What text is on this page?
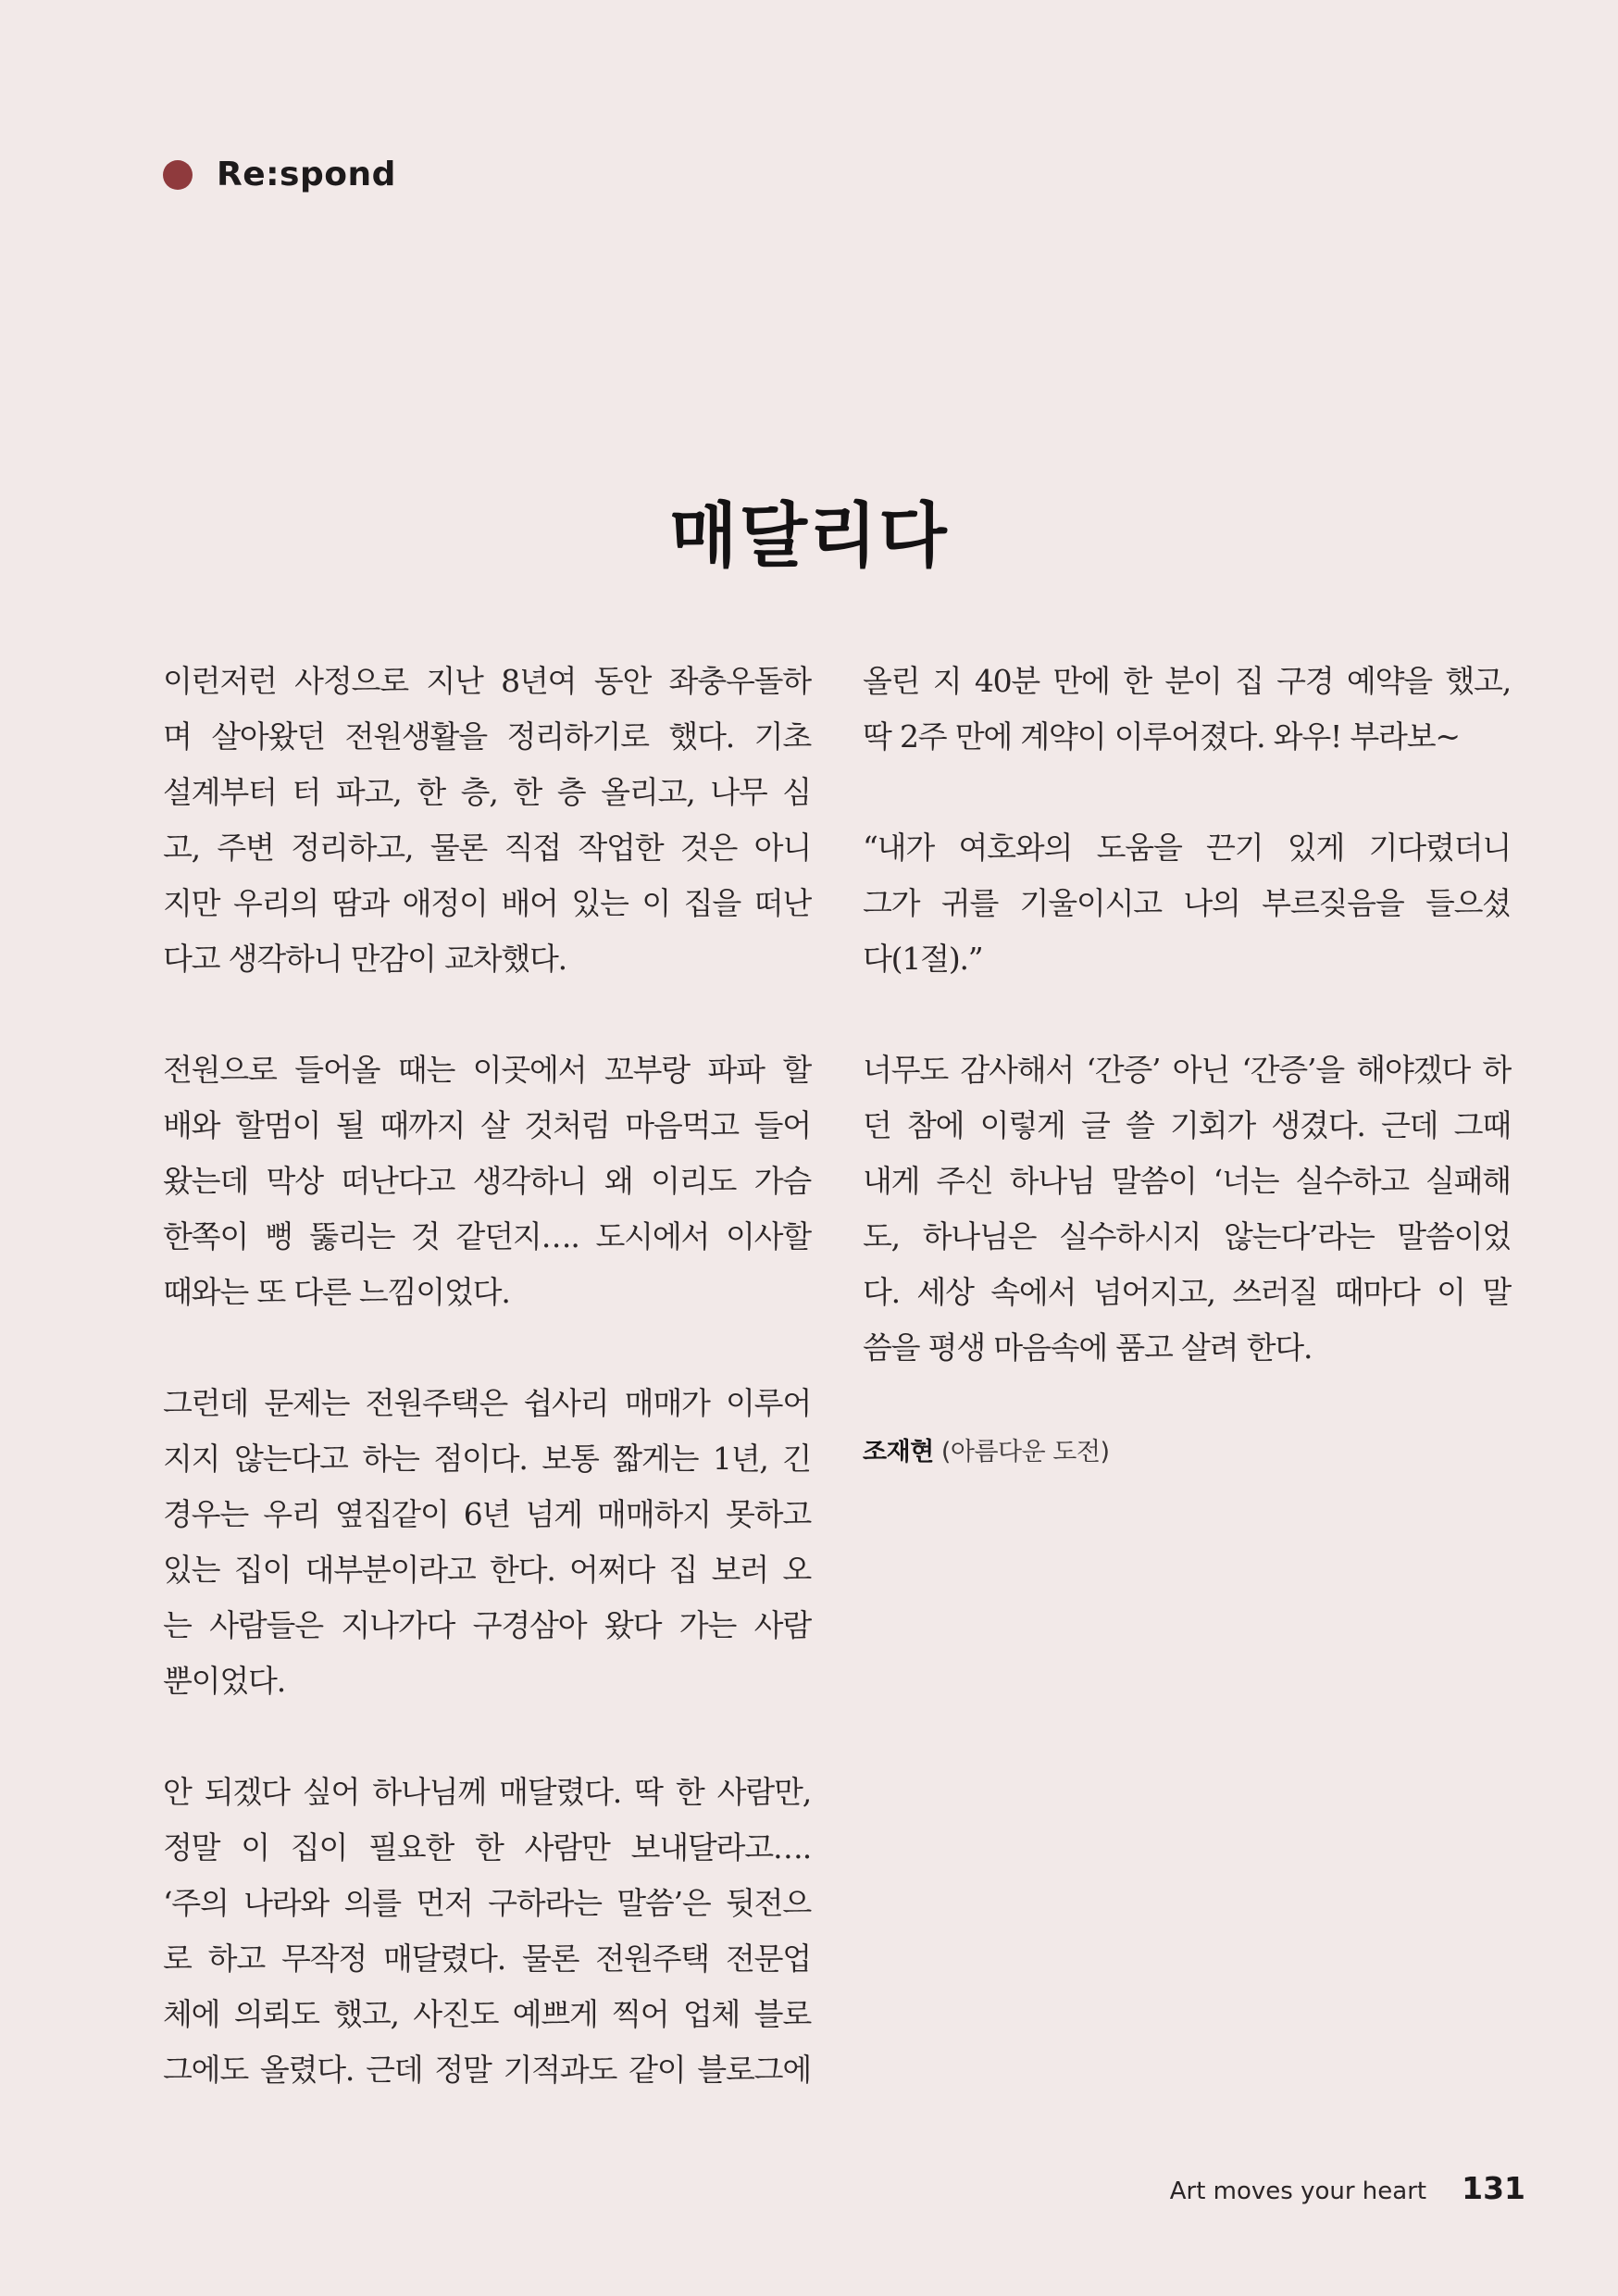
Re:spond
매달리다

이런저런 사정으로 지난 8년여 동안 좌충우돌하
며 살아왔던 전원생활을 정리하기로 했다. 기초
설계부터 터 파고, 한 층, 한 층 올리고, 나무 심
고, 주변 정리하고, 물론 직접 작업한 것은 아니
지만 우리의 땀과 애정이 배어 있는 이 집을 떠난
다고 생각하니 만감이 교차했다.

전원으로 들어올 때는 이곳에서 꼬부랑 파파 할
배와 할멈이 될 때까지 살 것처럼 마음먹고 들어
왔는데 막상 떠난다고 생각하니 왜 이리도 가슴
한쪽이 뻥 뚫리는 것 같던지…. 도시에서 이사할
때와는 또 다른 느낌이었다.

그런데 문제는 전원주택은 쉽사리 매매가 이루어
지지 않는다고 하는 점이다. 보통 짧게는 1년, 긴
경우는 우리 옆집같이 6년 넘게 매매하지 못하고
있는 집이 대부분이라고 한다. 어쩌다 집 보러 오
는 사람들은 지나가다 구경삼아 왔다 가는 사람
뿐이었다.

안 되겠다 싶어 하나님께 매달렸다. 딱 한 사람만,
정말 이 집이 필요한 한 사람만 보내달라고….
‘주의 나라와 의를 먼저 구하라는 말씀’은 뒷전으
로 하고 무작정 매달렸다. 물론 전원주택 전문업
체에 의뢰도 했고, 사진도 예쁘게 찍어 업체 블로
그에도 올렸다. 근데 정말 기적과도 같이 블로그에

올린 지 40분 만에 한 분이 집 구경 예약을 했고,
딱 2주 만에 계약이 이루어졌다. 와우! 부라보~

“내가 여호와의 도움을 끈기 있게 기다렸더니
그가 귀를 기울이시고 나의 부르짖음을 들으셨
다(1절).”

너무도 감사해서 ‘간증’ 아닌 ‘간증’을 해야겠다 하
던 참에 이렇게 글 쓸 기회가 생겼다. 근데 그때
내게 주신 하나님 말씀이 ‘너는 실수하고 실패해
도, 하나님은 실수하시지 않는다’라는 말씀이었
다. 세상 속에서 넘어지고, 쓰러질 때마다 이 말
씀을 평생 마음속에 품고 살려 한다.

조재현 (아름다운 도전)
Art moves your heart 131
